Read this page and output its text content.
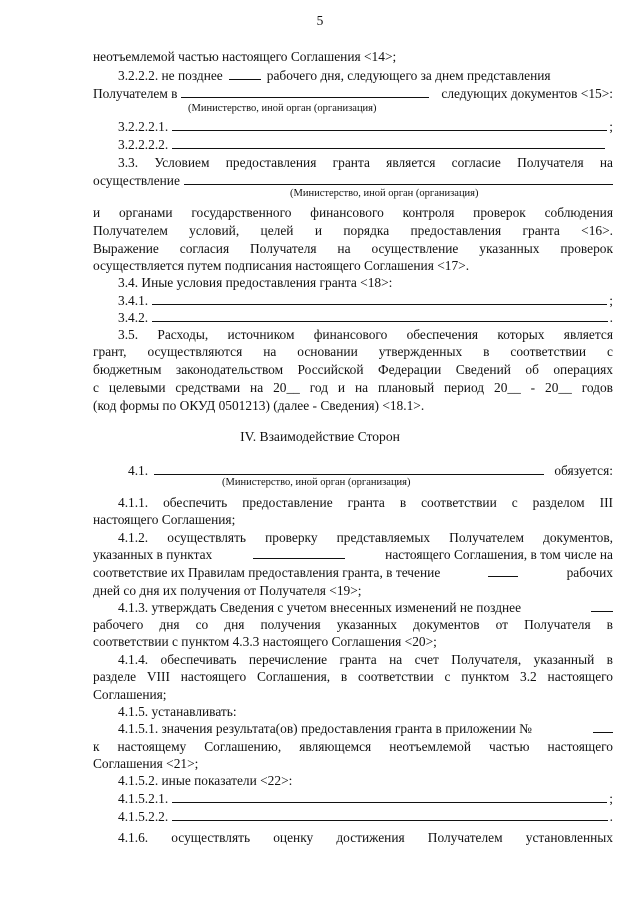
5
неотъемлемой частью настоящего Соглашения <14>;
3.2.2.2. не позднее	рабочего дня, следующего за днем представления
Получателем в	следующих документов <15>:
(Министерство, иной орган (организация)
3.2.2.2.1.	;
3.2.2.2.2.
3.3. Условием предоставления гранта является согласие Получателя на
осуществление
(Министерство, иной орган (организация)
и органами государственного финансового контроля проверок соблюдения
Получателем условий, целей и порядка предоставления гранта <16>.
Выражение согласия Получателя на осуществление указанных проверок
осуществляется путем подписания настоящего Соглашения <17>.
3.4. Иные условия предоставления гранта <18>:
3.4.1.	;
3.4.2.	.
3.5. Расходы, источником финансового обеспечения которых является
грант, осуществляются на основании утвержденных в соответствии с
бюджетным законодательством Российской Федерации Сведений об операциях
с целевыми средствами на 20__ год и на плановый период 20__ - 20__ годов
(код формы по ОКУД 0501213) (далее - Сведения) <18.1>.
IV. Взаимодействие Сторон
4.1.	обязуется:
(Министерство, иной орган (организация)
4.1.1. обеспечить предоставление гранта в соответствии с разделом III
настоящего Соглашения;
4.1.2. осуществлять проверку представляемых Получателем документов,
указанных в пунктах	настоящего Соглашения, в том числе на
соответствие их Правилам предоставления гранта, в течение	рабочих
дней со дня их получения от Получателя <19>;
4.1.3. утверждать Сведения с учетом внесенных изменений не позднее
рабочего дня со дня получения указанных документов от Получателя в
соответствии с пунктом 4.3.3 настоящего Соглашения <20>;
4.1.4. обеспечивать перечисление гранта на счет Получателя, указанный в
разделе VIII настоящего Соглашения, в соответствии с пунктом 3.2 настоящего
Соглашения;
4.1.5. устанавливать:
4.1.5.1. значения результата(ов) предоставления гранта в приложении №
к настоящему Соглашению, являющемся неотъемлемой частью настоящего
Соглашения <21>;
4.1.5.2. иные показатели <22>:
4.1.5.2.1.	;
4.1.5.2.2.	.
4.1.6. осуществлять оценку достижения Получателем установленных
